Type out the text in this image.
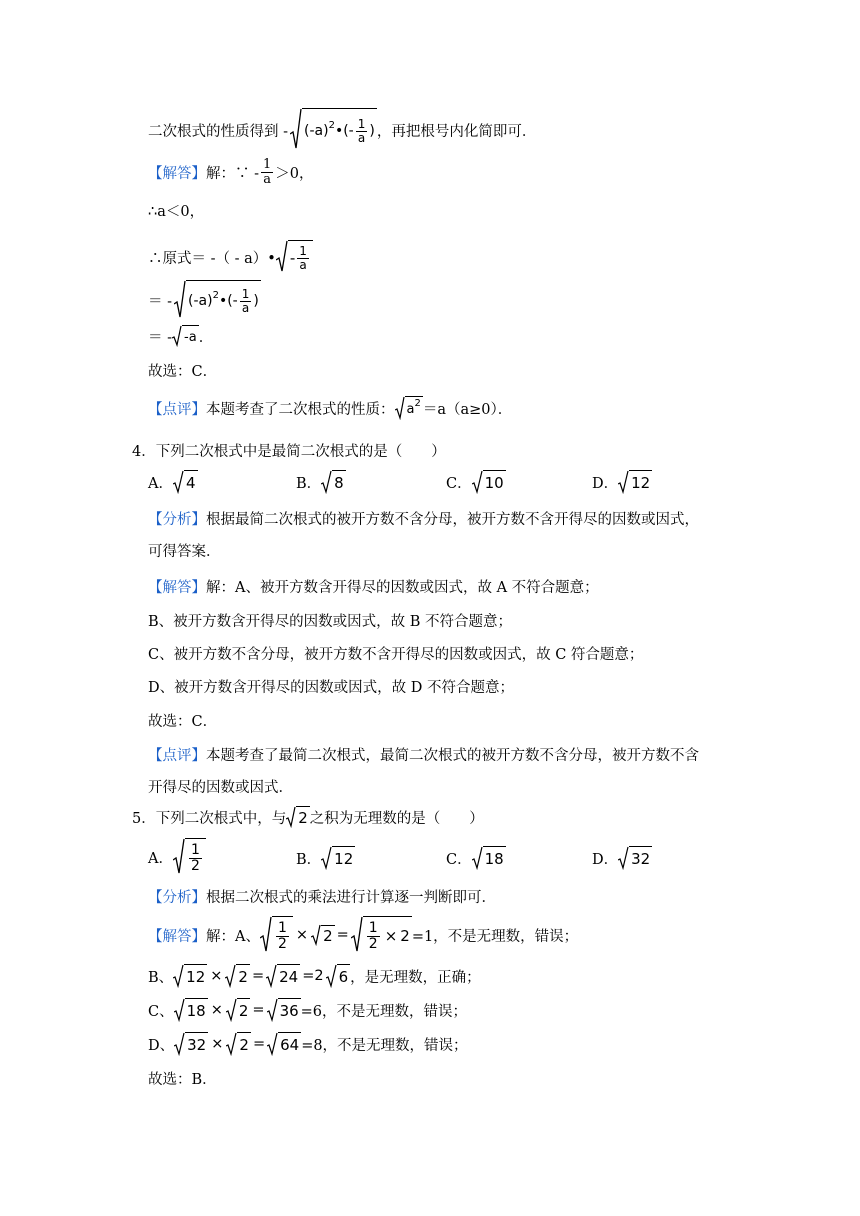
二次根式的性质得到 - (-a) 2 •(- $\frac{1}{a}$ ) ，再把根号内化简即可．
【解答】 解：∵ - $\frac{1}{a} >0$，
∴a＜0，
∴原式＝ -（ - a）• - $\frac{1}{a}$
＝ - (-a) 2 •(- $\frac{1}{a}$ )
＝ - -a ．
故选：C．
【点评】 本题考查了二次根式的性质： a 2 ＝a（a≥0）．
4．下列二次根式中是最简二次根式的是（　　）
A． 4	B． 8	C． 10	D． 12
【分析】 根据最简二次根式的被开方数不含分母，被开方数不含开得尽的因数或因式，
可得答案．
【解答】 解：A、被开方数含开得尽的因数或因式，故 A 不符合题意；
B、被开方数含开得尽的因数或因式，故 B 不符合题意；
C、被开方数不含分母，被开方数不含开得尽的因数或因式，故 C 符合题意；
D、被开方数含开得尽的因数或因式，故 D 不符合题意；
故选：C．
【点评】 本题考查了最简二次根式，最简二次根式的被开方数不含分母，被开方数不含
开得尽的因数或因式．
5．下列二次根式中，与 2 之积为无理数的是（　　）
A． $\frac{1}{2}$	B． 12	C． 18	D． 32
【分析】 根据二次根式的乘法进行计算逐一判断即可．
【解答】 解：A、 $\frac{1}{2} \times 2 = \frac{1}{2} \times 2 =1$，不是无理数，错误；
B、 12 × 2 = 24 =2 6 ，是无理数，正确；
C、 18 × 2 = 36 =6，不是无理数，错误；
D、 32 × 2 = 64 =8，不是无理数，错误；
故选：B．
